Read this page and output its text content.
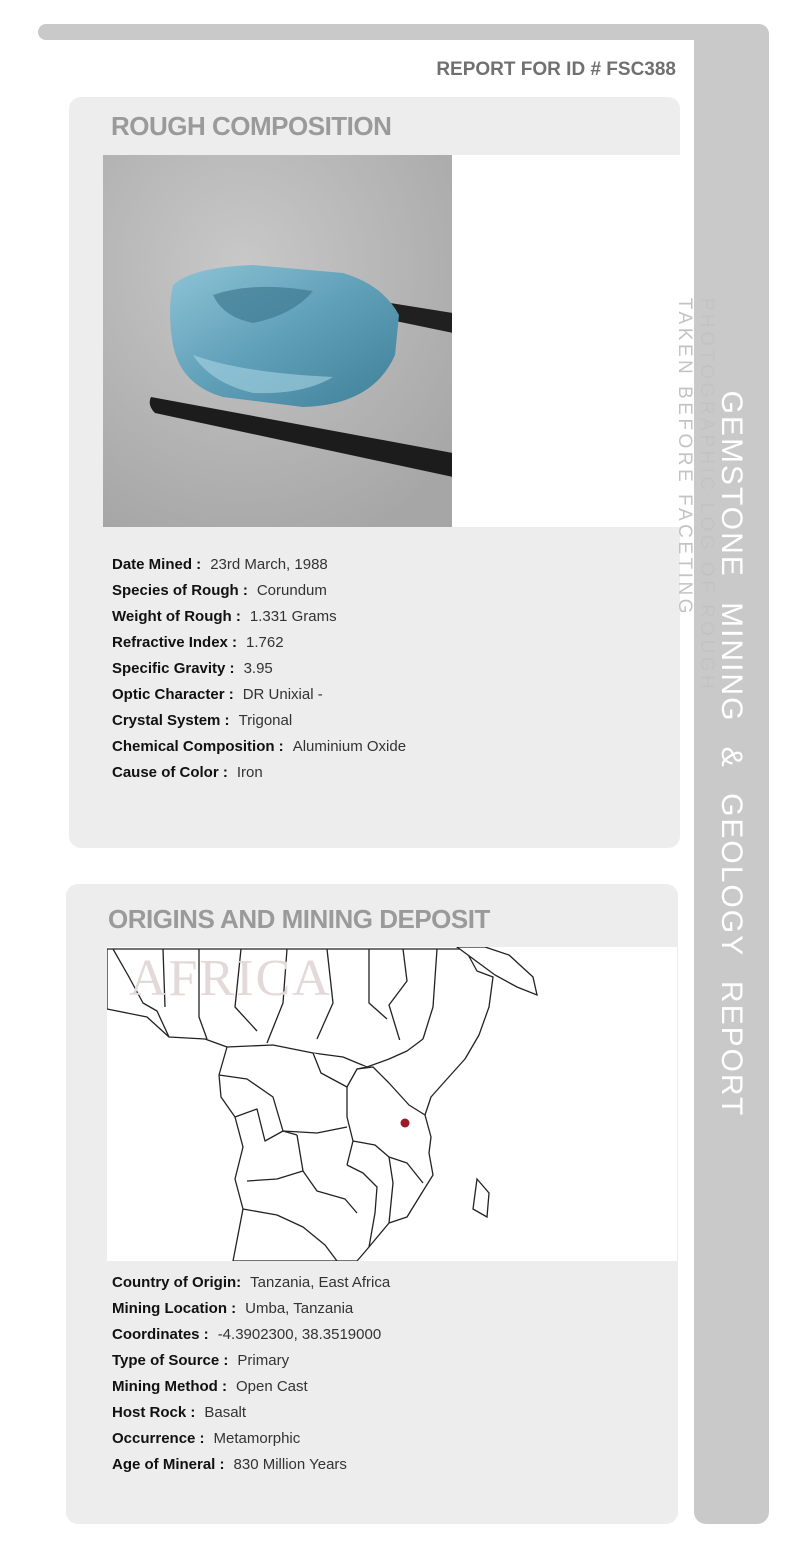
GEMSTONE MINING & GEOLOGY REPORT

REPORT FOR ID # FSC388

ROUGH COMPOSITION
PHOTOGRAPHIC LOG OF ROUGH
TAKEN BEFORE FACETING
Date Mined : 23rd March, 1988
Species of Rough : Corundum
Weight of Rough : 1.331 Grams
Refractive Index : 1.762
Specific Gravity : 3.95
Optic Character : DR Unixial -
Crystal System : Trigonal
Chemical Composition : Aluminium Oxide
Cause of Color : Iron
ORIGINS AND MINING DEPOSIT
AFRICA
Country of Origin: Tanzania, East Africa
Mining Location : Umba, Tanzania
Coordinates : -4.3902300, 38.3519000
Type of Source : Primary
Mining Method : Open Cast
Host Rock : Basalt
Occurrence : Metamorphic
Age of Mineral : 830 Million Years
